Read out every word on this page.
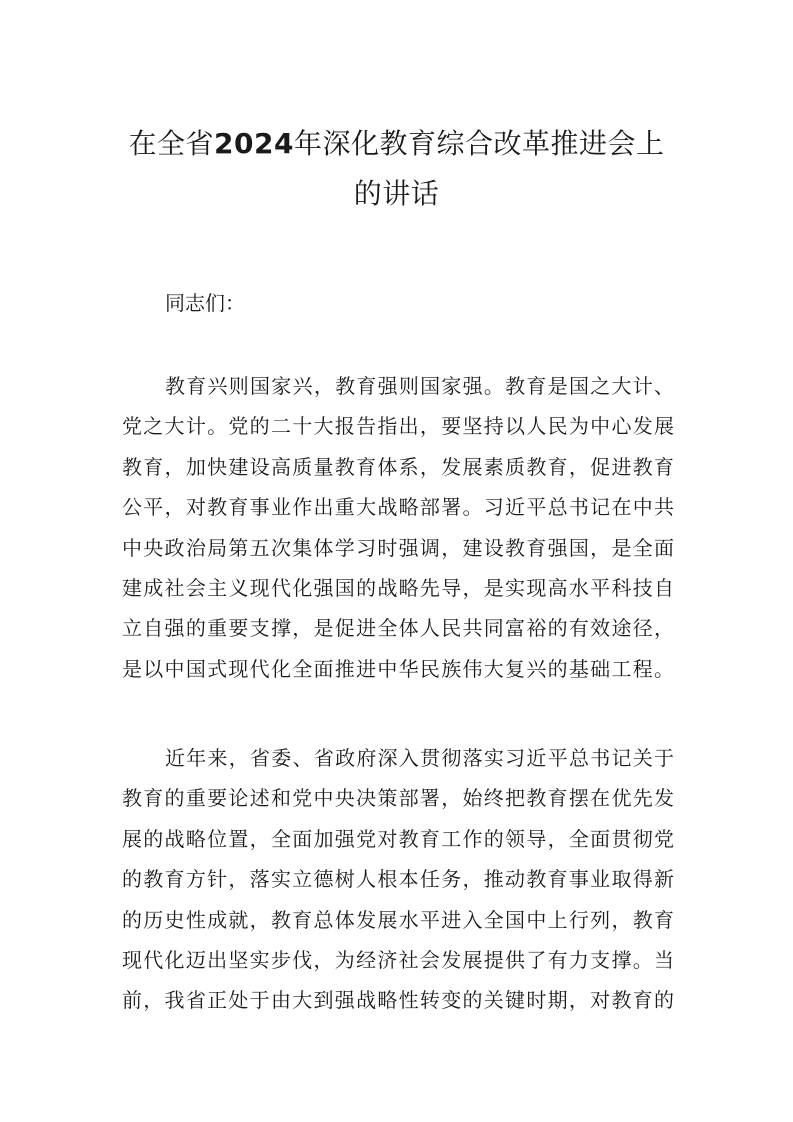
在全省2024年深化教育综合改革推进会上
的讲话

同志们：

教育兴则国家兴，教育强则国家强。教育是国之大计、
党之大计。党的二十大报告指出，要坚持以人民为中心发展
教育，加快建设高质量教育体系，发展素质教育，促进教育
公平，对教育事业作出重大战略部署。习近平总书记在中共
中央政治局第五次集体学习时强调，建设教育强国，是全面
建成社会主义现代化强国的战略先导，是实现高水平科技自
立自强的重要支撑，是促进全体人民共同富裕的有效途径，
是以中国式现代化全面推进中华民族伟大复兴的基础工程。
近年来，省委、省政府深入贯彻落实习近平总书记关于
教育的重要论述和党中央决策部署，始终把教育摆在优先发
展的战略位置，全面加强党对教育工作的领导，全面贯彻党
的教育方针，落实立德树人根本任务，推动教育事业取得新
的历史性成就，教育总体发展水平进入全国中上行列，教育
现代化迈出坚实步伐，为经济社会发展提供了有力支撑。当
前，我省正处于由大到强战略性转变的关键时期，对教育的
